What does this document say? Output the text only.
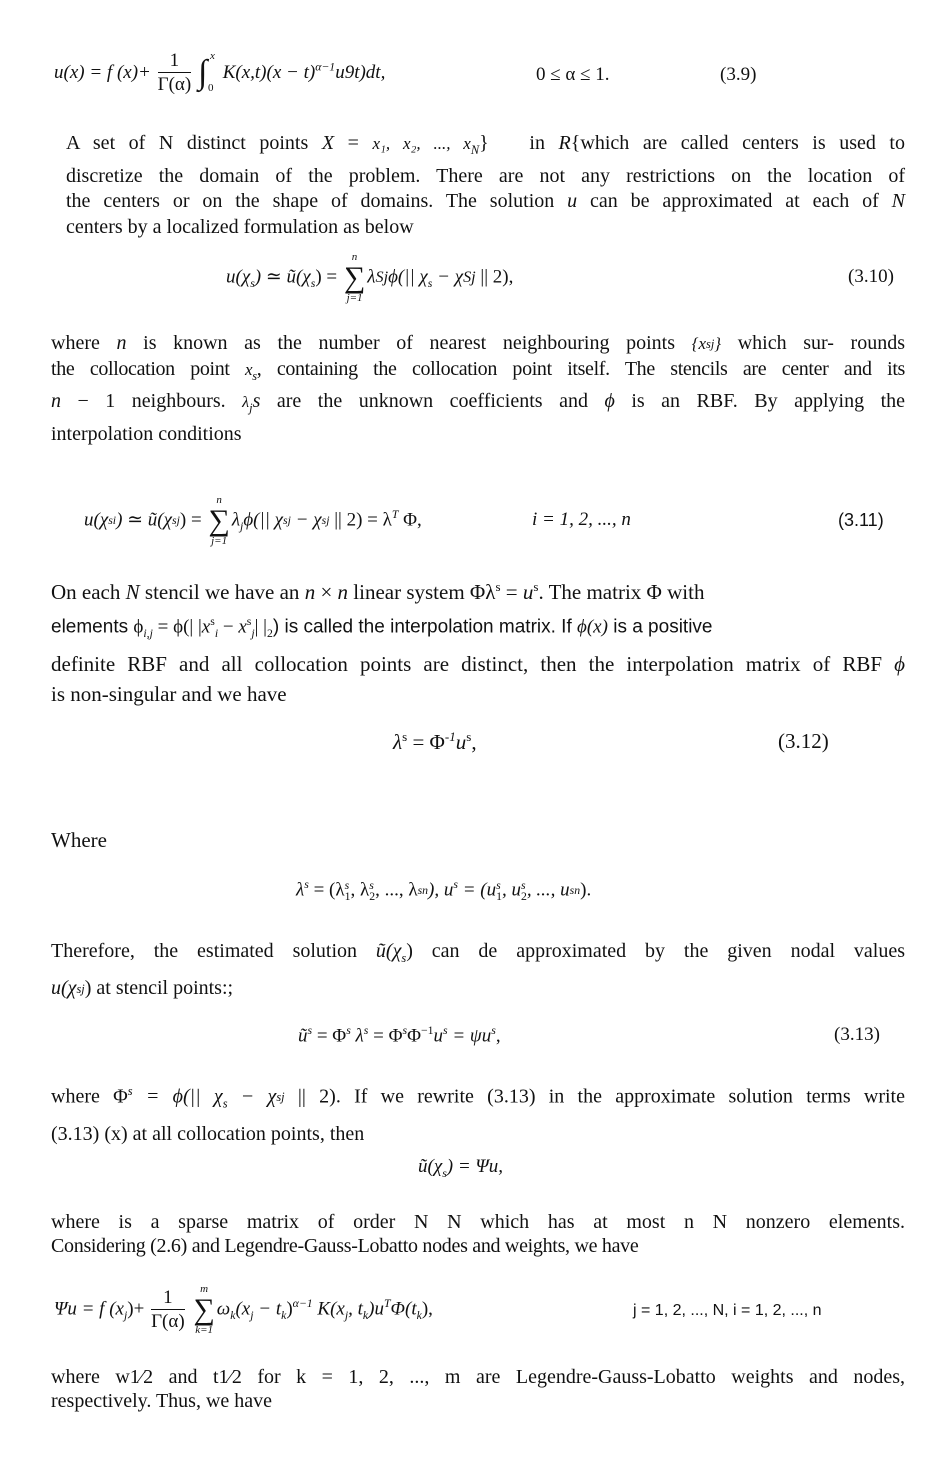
u(x) = f $(x)+ \frac{1}{\Gamma(\alpha)}$
∫ x
0
$K(x,t)(x - t)^{\alpha-1}u9t)dt$,	0 ≤ α ≤ 1.	(3.9)
A set of N distinct points X = x₁, x₂, ..., $x_N$}   in R{which are called centers is used to
discretize the domain of the problem. There are not any restrictions on the location of
the centers or on the shape of domains. The solution u can be approximated at each of N
centers by a localized formulation as below
$u(\chi_s)$ ≃ $ũ(\chi_s)$ =
n
∑
j=1
λSjϕ(|| $\chi_s - \chi Sj$ || 2),	(3.10)
where n is known as the number of nearest neighbouring points {xsj} which sur- rounds
the collocation point $x_s$, containing the collocation point itself. The stencils are center and its
n − 1 neighbours. $\lambda_js$ are the unknown coefficients and ϕ is an RBF. By applying the
interpolation conditions
u(χsi) ≃ ũ(χsj) =
n
∑
j=1
$\lambda_j\phi(||$ χsj − χsj || $2) = \lambda^T$ Φ,	i = 1, 2, ..., n	(3.11)
On each N stencil we have an n × n linear system $\Phi\lambda^s = u^s$. The matrix Φ with
elements $\phi_{i,j} = \phi(|$ $|x^s_i - x^s_j|$ $|_2$) is called the interpolation matrix. If ϕ(x) is a positive
definite RBF and all collocation points are distinct, then the interpolation matrix of RBF ϕ
is non-singular and we have
$\lambda^s = \Phi^{-1}u^s$,	(3.12)
Where
$\lambda^s = (\lambda s$
1 , λs
2 , ..., λsn), $u^s = (us$
1 , us
2 , ..., usn).
Therefore, the estimated solution $ũ(\chi_s)$ can de approximated by the given nodal values
u(χsj) at stencil points:;
$ũ^s = \Phi^s$ $\lambda^s = \Phi^s\Phi^{-1}u^s = \psi u^s$,	(3.13)
where $\Phi^s = \phi(||$ $\chi_s - \chi sj$ || 2). If we rewrite (3.13) in the approximate solution terms write
(3.13) (x) at all collocation points, then
$ũ(\chi_s) = \Psi u$,
where is a sparse matrix of order N N which has at most n N nonzero elements.
Considering (2.6) and Legendre-Gauss-Lobatto nodes and weights, we have
Ψu = f $(x_j)+ \frac{1}{\Gamma(\alpha)}$
	m
∑
k=1
$\omega_k(x_j - t_k)^{\alpha-1}$ $K(x_j$, $t_k)u^T\Phi(t_k)$,	j = 1, 2, ..., N, i = 1, 2, ..., n
where w1⁄2 and t1⁄2 for k = 1, 2, ..., m are Legendre-Gauss-Lobatto weights and nodes,
respectively. Thus, we have
